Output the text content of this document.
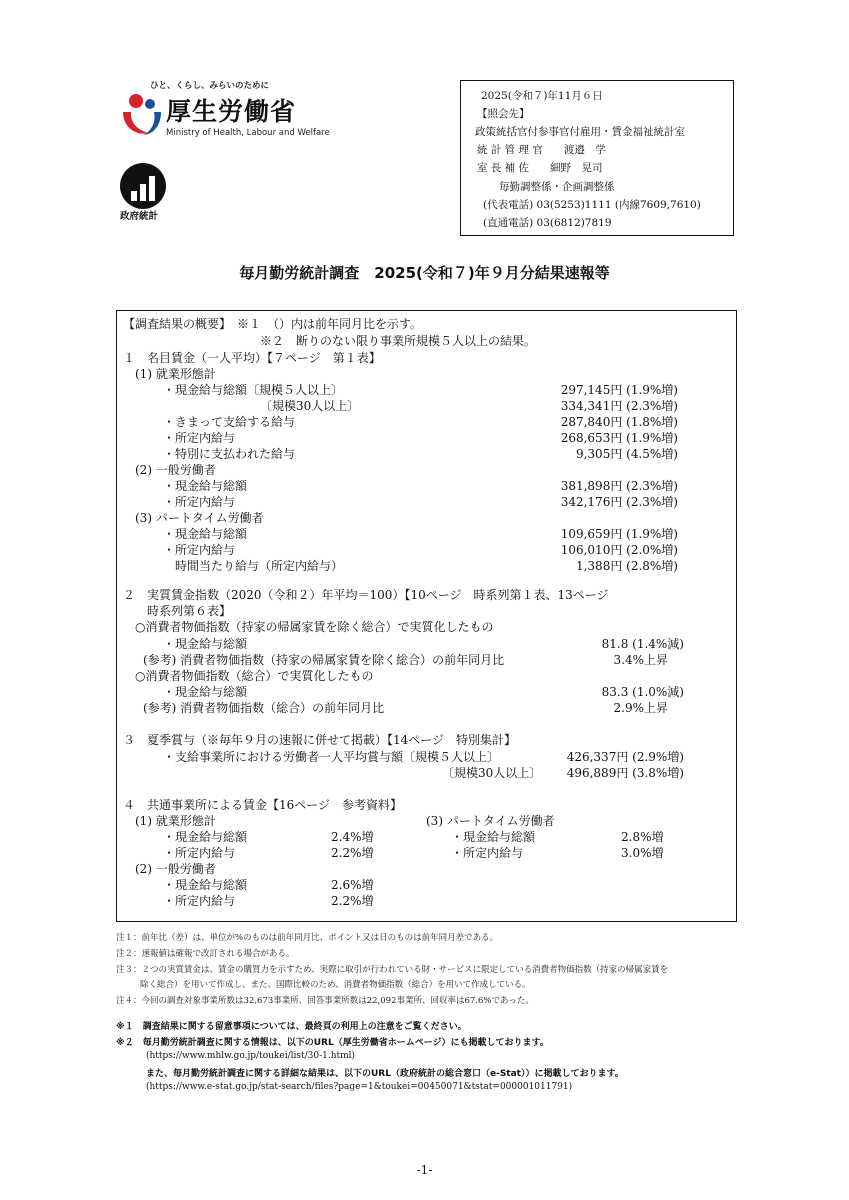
ひと、くらし、みらいのために
厚生労働省
Ministry of Health, Labour and Welfare
政府統計
2025(令和７)年11月６日
【照会先】
政策統括官付参事官付雇用・賃金福祉統計室
統 計 管 理 官　　渡邉　学
室 長 補 佐　　細野　晃司
毎勤調整係・企画調整係
(代表電話) 03(5253)1111 (内線7609,7610)
(直通電話) 03(6812)7819
毎月勤労統計調査　2025(令和７)年９月分結果速報等
【調査結果の概要】　※１　（）内は前年同月比を示す。
※２　断りのない限り事業所規模５人以上の結果。
１　名目賃金（一人平均）【７ページ　第１表】
(1) 就業形態計
・現金給与総額〔規模５人以上〕	297,145円 (1.9%増)
〔規模30人以上〕	334,341円 (2.3%増)
・きまって支給する給与	287,840円 (1.8%増)
・所定内給与	268,653円 (1.9%増)
・特別に支払われた給与	9,305円 (4.5%増)
(2) 一般労働者
・現金給与総額	381,898円 (2.3%増)
・所定内給与	342,176円 (2.3%増)
(3) パートタイム労働者
・現金給与総額	109,659円 (1.9%増)
・所定内給与	106,010円 (2.0%増)
時間当たり給与（所定内給与）	1,388円 (2.8%増)
２　実質賃金指数（2020（令和２）年平均＝100）【10ページ　時系列第１表、13ページ
時系列第６表】
○消費者物価指数（持家の帰属家賃を除く総合）で実質化したもの
・現金給与総額	81.8 (1.4%減)
(参考) 消費者物価指数（持家の帰属家賃を除く総合）の前年同月比	3.4%上昇
○消費者物価指数（総合）で実質化したもの
・現金給与総額	83.3 (1.0%減)
(参考) 消費者物価指数（総合）の前年同月比	2.9%上昇
３　夏季賞与（※毎年９月の速報に併せて掲載）【14ページ　特別集計】
・支給事業所における労働者一人平均賞与額〔規模５人以上〕	426,337円 (2.9%増)
〔規模30人以上〕 496,889円 (3.8%増)
４　共通事業所による賃金【16ページ　参考資料】
(1) 就業形態計
・現金給与総額	2.4%増
・所定内給与	2.2%増
(2) 一般労働者
・現金給与総額	2.6%増
・所定内給与	2.2%増
(3) パートタイム労働者
・現金給与総額	2.8%増
・所定内給与	3.0%増
注１：前年比（差）は、単位が%のものは前年同月比、ポイント又は日のものは前年同月差である。
注２：速報値は確報で改訂される場合がある。
注３：２つの実質賃金は、賃金の購買力を示すため、実際に取引が行われている財・サービスに限定している消費者物価指数（持家の帰属家賃を
除く総合）を用いて作成し、また、国際比較のため、消費者物価指数（総合）を用いて作成している。
注４：今回の調査対象事業所数は32,673事業所、回答事業所数は22,092事業所、回収率は67.6%であった。
※１　調査結果に関する留意事項については、最終頁の利用上の注意をご覧ください。
※２　毎月勤労統計調査に関する情報は、以下のURL（厚生労働省ホームページ）にも掲載しております。
(https://www.mhlw.go.jp/toukei/list/30-1.html)
また、毎月勤労統計調査に関する詳細な結果は、以下のURL（政府統計の総合窓口（e-Stat））に掲載しております。
(https://www.e-stat.go.jp/stat-search/files?page=1&toukei=00450071&tstat=000001011791)
-1-
